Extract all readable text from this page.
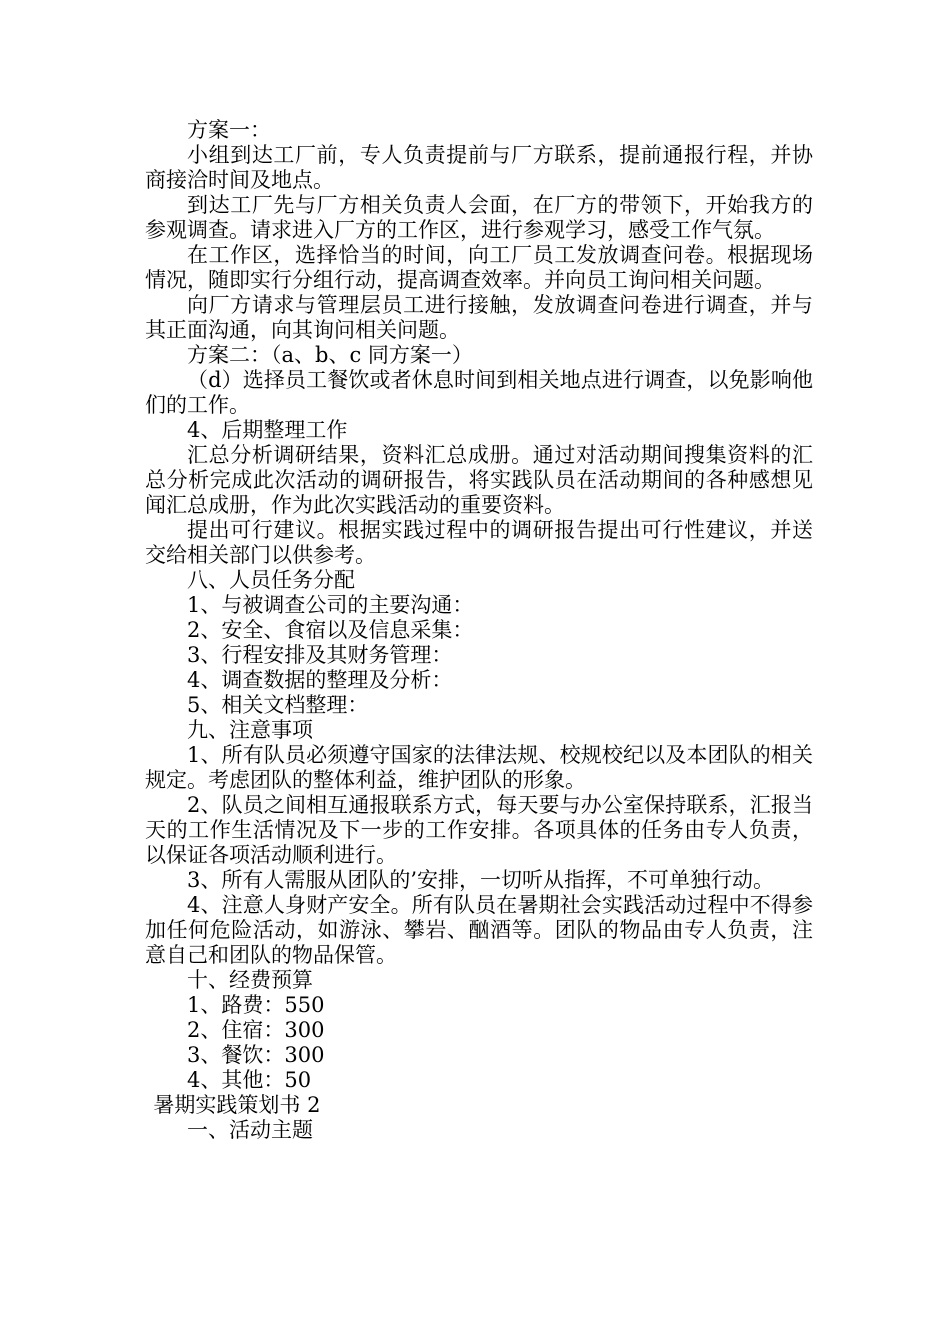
方案一：

小组到达工厂前，专人负责提前与厂方联系，提前通报行程，并协商接洽时间及地点。

到达工厂先与厂方相关负责人会面，在厂方的带领下，开始我方的参观调查。请求进入厂方的工作区，进行参观学习，感受工作气氛。

在工作区，选择恰当的时间，向工厂员工发放调查问卷。根据现场情况，随即实行分组行动，提高调查效率。并向员工询问相关问题。

向厂方请求与管理层员工进行接触，发放调查问卷进行调查，并与其正面沟通，向其询问相关问题。

方案二：（a、b、c 同方案一）

（d）选择员工餐饮或者休息时间到相关地点进行调查，以免影响他们的工作。

4、后期整理工作

汇总分析调研结果，资料汇总成册。通过对活动期间搜集资料的汇总分析完成此次活动的调研报告，将实践队员在活动期间的各种感想见闻汇总成册，作为此次实践活动的重要资料。

提出可行建议。根据实践过程中的调研报告提出可行性建议，并送交给相关部门以供参考。

八、人员任务分配

1、与被调查公司的主要沟通：

2、安全、食宿以及信息采集：

3、行程安排及其财务管理：

4、调查数据的整理及分析：

5、相关文档整理：

九、注意事项

1、所有队员必须遵守国家的法律法规、校规校纪以及本团队的相关规定。考虑团队的整体利益，维护团队的形象。

2、队员之间相互通报联系方式，每天要与办公室保持联系，汇报当天的工作生活情况及下一步的工作安排。各项具体的任务由专人负责，以保证各项活动顺利进行。

3、所有人需服从团队的’安排，一切听从指挥，不可单独行动。

4、注意人身财产安全。所有队员在暑期社会实践活动过程中不得参加任何危险活动，如游泳、攀岩、酗酒等。团队的物品由专人负责，注意自己和团队的物品保管。

十、经费预算

1、路费：550

2、住宿：300

3、餐饮：300

4、其他：50

暑期实践策划书 2

一、活动主题
